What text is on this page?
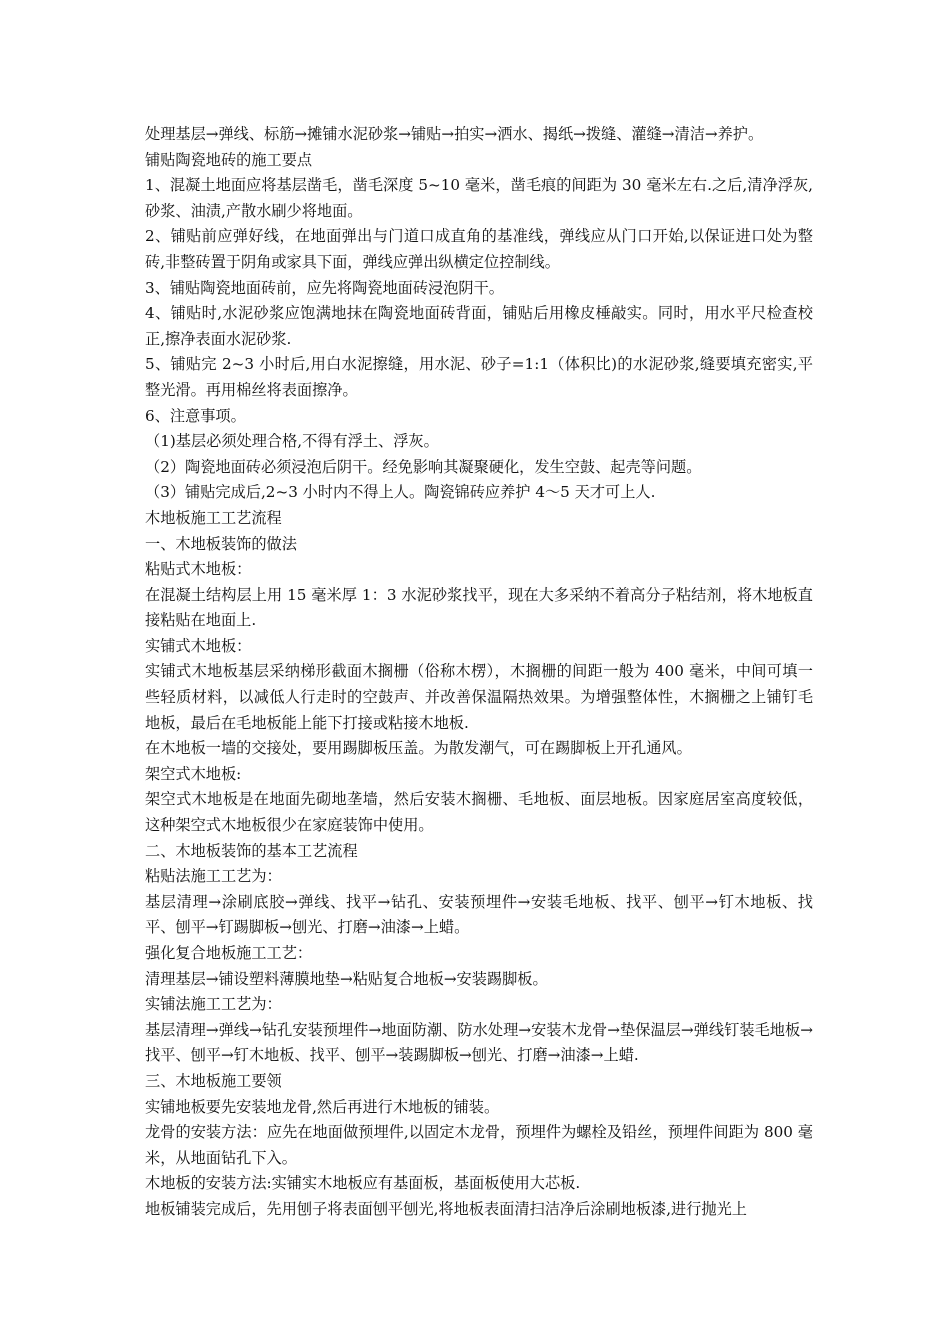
处理基层→弹线、标筋→摊铺水泥砂浆→铺贴→拍实→洒水、揭纸→拨缝、灌缝→清洁→养护。

铺贴陶瓷地砖的施工要点

1、混凝土地面应将基层凿毛，凿毛深度 5~10 毫米，凿毛痕的间距为 30 毫米左右.之后,清净浮灰,砂浆、油渍,产散水刷少将地面。

2、铺贴前应弹好线，在地面弹出与门道口成直角的基准线，弹线应从门口开始,以保证进口处为整砖,非整砖置于阴角或家具下面，弹线应弹出纵横定位控制线。

3、铺贴陶瓷地面砖前，应先将陶瓷地面砖浸泡阴干。

4、铺贴时,水泥砂浆应饱满地抹在陶瓷地面砖背面，铺贴后用橡皮棰敲实。同时，用水平尺检查校正,擦净表面水泥砂浆.

5、铺贴完 2~3 小时后,用白水泥擦缝，用水泥、砂子=1:1（体积比)的水泥砂浆,缝要填充密实,平整光滑。再用棉丝将表面擦净。

6、注意事项。

（1)基层必须处理合格,不得有浮土、浮灰。

（2）陶瓷地面砖必须浸泡后阴干。经免影响其凝聚硬化，发生空鼓、起壳等问题。

（3）铺贴完成后,2~3 小时内不得上人。陶瓷锦砖应养护 4～5 天才可上人.

木地板施工工艺流程

一、木地板装饰的做法

粘贴式木地板：

在混凝土结构层上用 15 毫米厚 1：3 水泥砂浆找平，现在大多采纳不着高分子粘结剂，将木地板直接粘贴在地面上.

实铺式木地板：

实铺式木地板基层采纳梯形截面木搁栅（俗称木楞），木搁栅的间距一般为 400 毫米，中间可填一些轻质材料，以减低人行走时的空鼓声、并改善保温隔热效果。为增强整体性，木搁栅之上铺钉毛地板，最后在毛地板能上能下打接或粘接木地板.

在木地板一墙的交接处，要用踢脚板压盖。为散发潮气，可在踢脚板上开孔通风。

架空式木地板:

架空式木地板是在地面先砌地垄墙，然后安装木搁栅、毛地板、面层地板。因家庭居室高度较低，这种架空式木地板很少在家庭装饰中使用。

二、木地板装饰的基本工艺流程

粘贴法施工工艺为：

基层清理→涂刷底胶→弹线、找平→钻孔、安装预埋件→安装毛地板、找平、刨平→钉木地板、找平、刨平→钉踢脚板→刨光、打磨→油漆→上蜡。

强化复合地板施工工艺：

清理基层→铺设塑料薄膜地垫→粘贴复合地板→安装踢脚板。

实铺法施工工艺为：

基层清理→弹线→钻孔安装预埋件→地面防潮、防水处理→安装木龙骨→垫保温层→弹线钉装毛地板→找平、刨平→钉木地板、找平、刨平→装踢脚板→刨光、打磨→油漆→上蜡.

三、木地板施工要领

实铺地板要先安装地龙骨,然后再进行木地板的铺装。

龙骨的安装方法：应先在地面做预埋件,以固定木龙骨，预埋件为螺栓及铅丝，预埋件间距为 800 毫米，从地面钻孔下入。

木地板的安装方法:实铺实木地板应有基面板，基面板使用大芯板.

地板铺装完成后，先用刨子将表面刨平刨光,将地板表面清扫洁净后涂刷地板漆,进行抛光上
